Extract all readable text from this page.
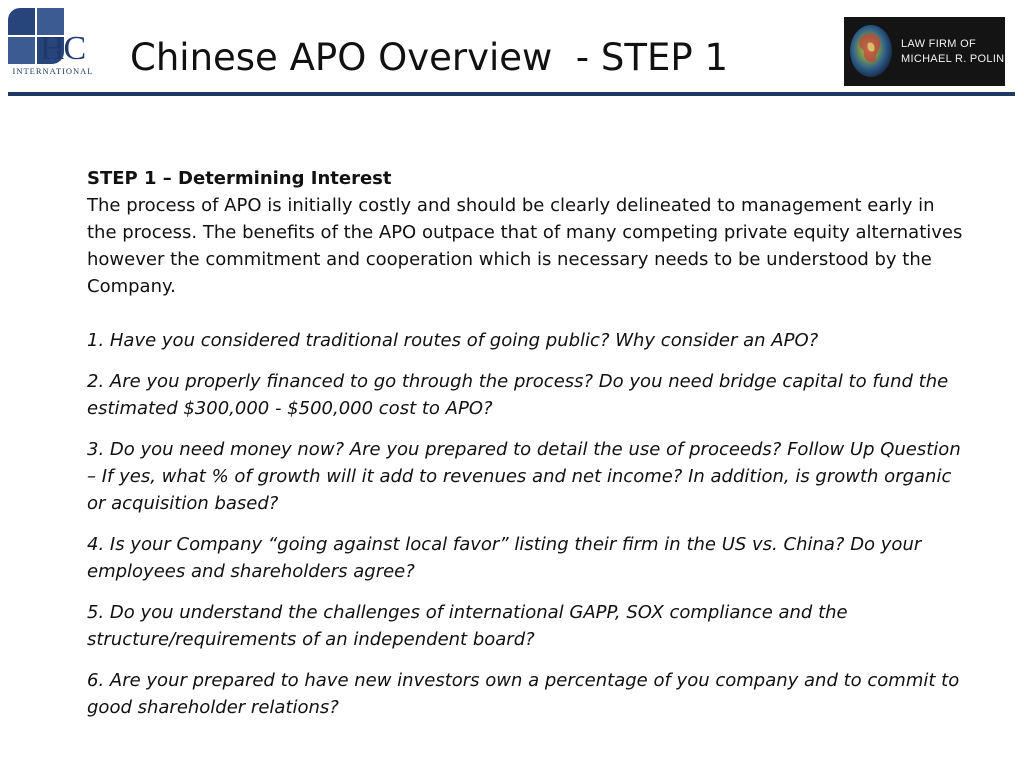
HC
INTERNATIONAL Chinese APO Overview  - STEP 1	LAW FIRM OF
MICHAEL R. POLIN

STEP 1 – Determining Interest

The process of APO is initially costly and should be clearly delineated to management early in the process. The benefits of the APO outpace that of many competing private equity alternatives however the commitment and cooperation which is necessary needs to be understood by the Company.

1. Have you considered traditional routes of going public? Why consider an APO?

2. Are you properly financed to go through the process? Do you need bridge capital to fund the estimated $300,000 - $500,000 cost to APO?

3. Do you need money now? Are you prepared to detail the use of proceeds? Follow Up Question – If yes, what % of growth will it add to revenues and net income? In addition, is growth organic or acquisition based?

4. Is your Company “going against local favor” listing their firm in the US vs. China? Do your employees and shareholders agree?

5. Do you understand the challenges of international GAPP, SOX compliance and the structure/requirements of an independent board?

6. Are your prepared to have new investors own a percentage of you company and to commit to good shareholder relations?
